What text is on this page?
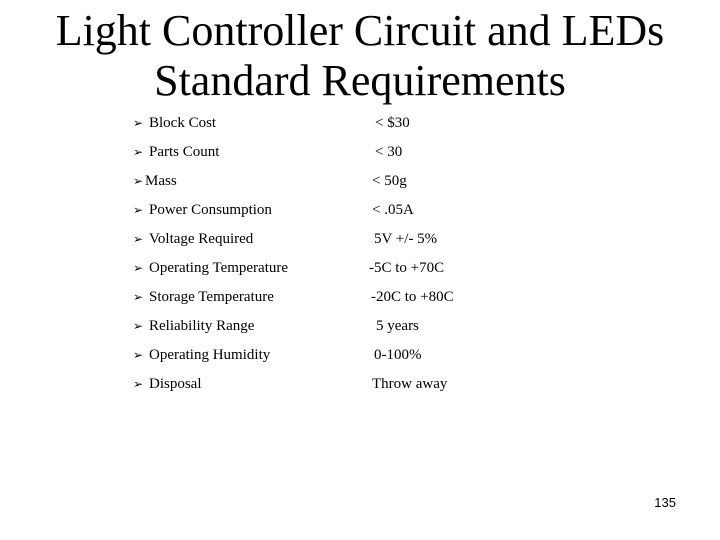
Light Controller Circuit and LEDs
Standard Requirements
➢ Block Cost	< $30
➢ Parts Count	< 30
➢ Mass	< 50g
➢ Power Consumption	< .05A
➢ Voltage Required	5V +/- 5%
➢ Operating Temperature	-5C to +70C
➢ Storage Temperature	-20C to +80C
➢ Reliability Range	5 years
➢ Operating Humidity	0-100%
➢ Disposal	Throw away
135
